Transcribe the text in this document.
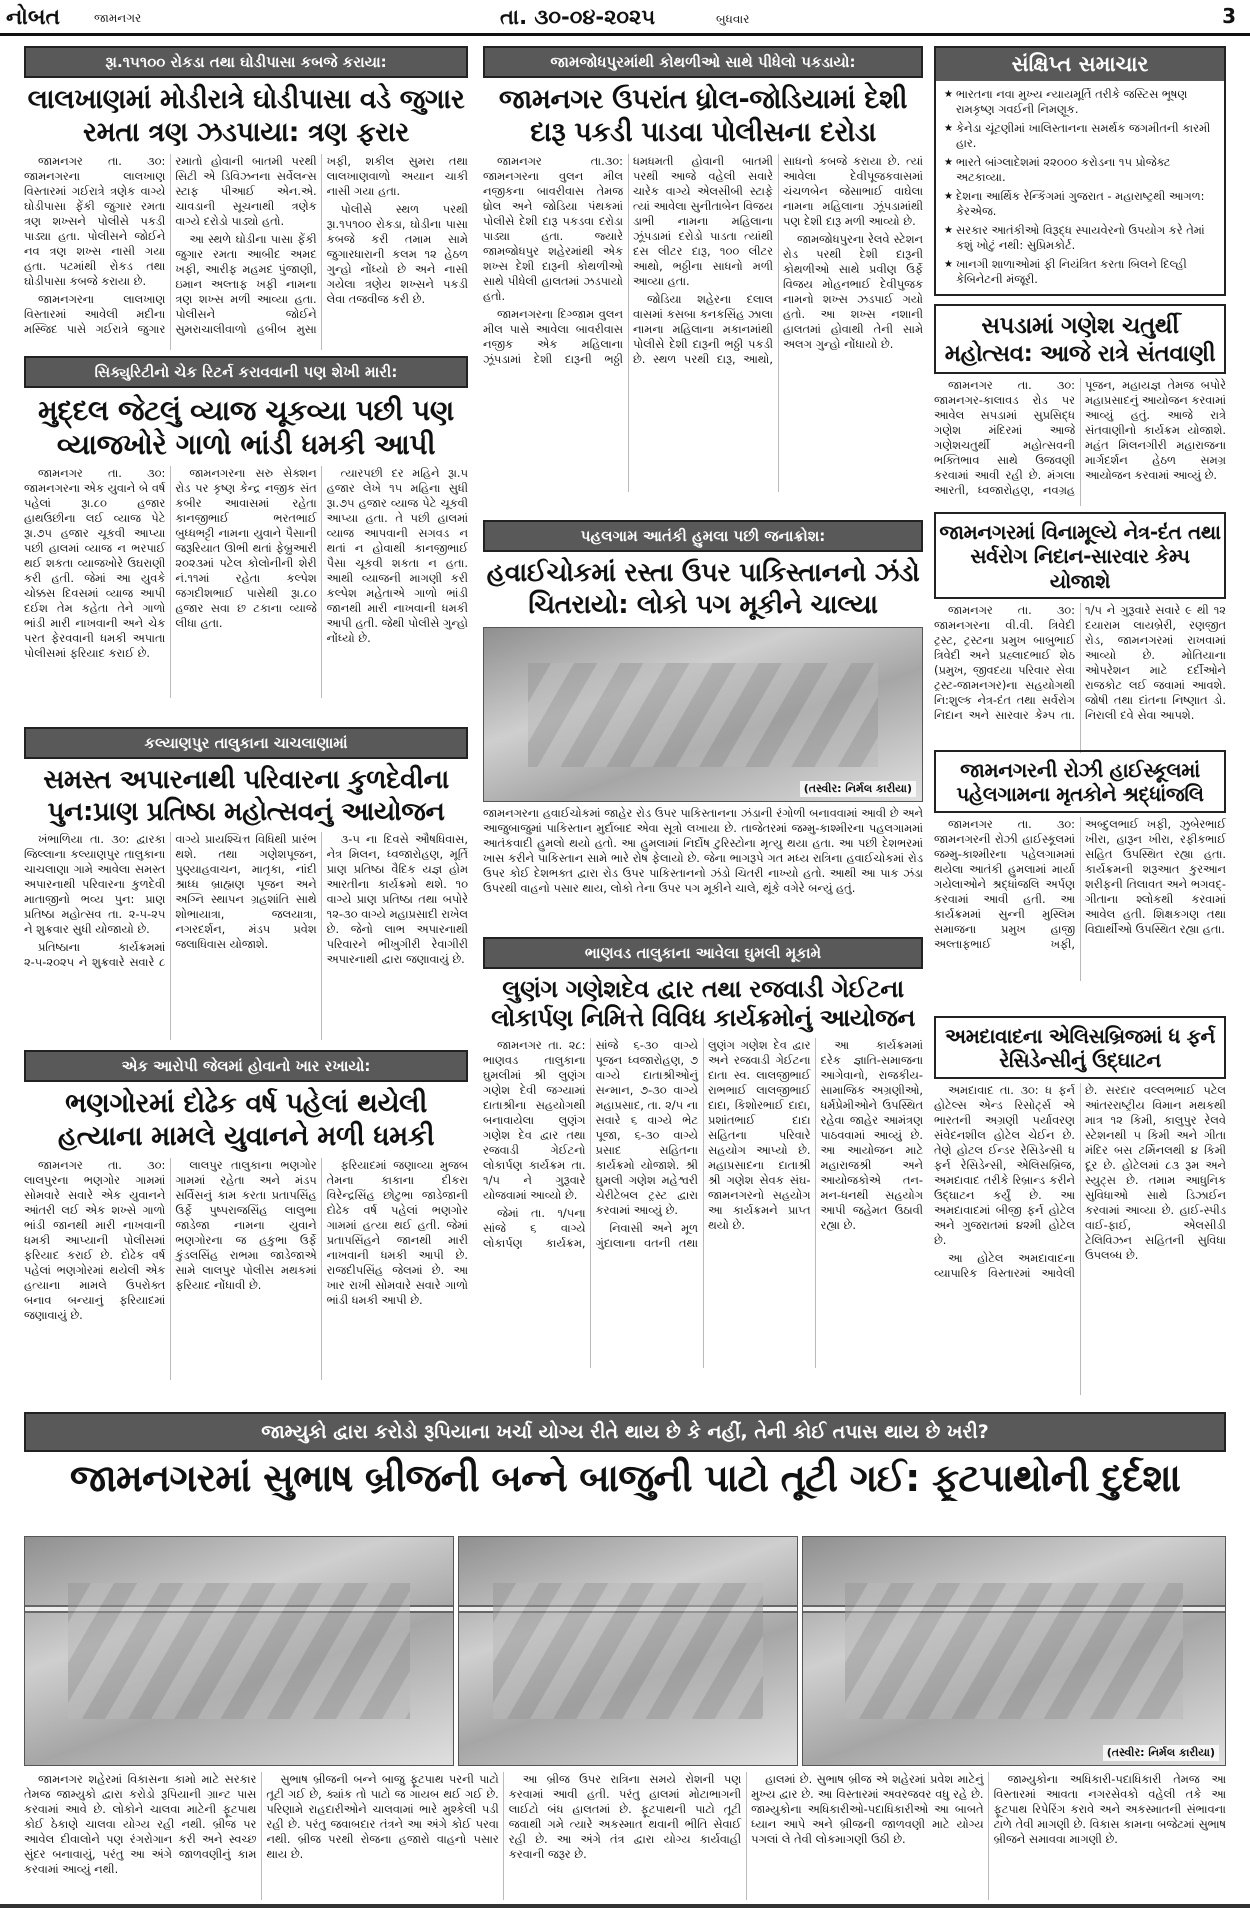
નોબત	જામનગર	તા. ૩૦-૦૪-૨૦૨૫	બુધવાર	3
રૂા.૧૫૧૦૦ રોકડા તથા ઘોડીપાસા કબજે કરાયા:
લાલખાણમાં મોડીરાત્રે ઘોડીપાસા વડે જુગાર રમતા ત્રણ ઝડપાયા: ત્રણ ફરાર

જામનગર તા. ૩૦: જામનગરના લાલખાણ વિસ્તારમાં ગઈરાત્રે ત્રણેક વાગ્યે ઘોડીપાસા ફેંકી જુગાર રમતા ત્રણ શખ્સને પોલીસે પકડી પાડ્યા હતા. પોલીસને જોઈને નવ ત્રણ શખ્સ નાસી ગયા હતા. પટમાંથી રોકડ તથા ઘોડીપાસા કબજે કરાયા છે.

જામનગરના લાલખાણ વિસ્તારમાં આવેલી મદીના મસ્જિદ પાસે ગઈરાત્રે જુગાર રમાતો હોવાની બાતમી પરથી સિટી એ ડિવિઝનના સર્વેલન્સ સ્ટાફ પીઆઈ એન.એ. ચાવડાની સૂચનાથી ત્રણેક વાગ્યે દરોડો પાડ્યો હતો.

આ સ્થળે ઘોડીના પાસા ફેંકી જુગાર રમતા આબીદ અમદ ખફી, આરીફ મહમદ પુંજાણી, ઇમાન અલ્તાફ ખફી નામના ત્રણ શખ્સ મળી આવ્યા હતા. પોલીસને જોઈને સુમરાચાલીવાળો હબીબ મુસા ખફી, શકીલ સુમરા તથા લાલખાણવાળો અયાન ચાકી નાસી ગયા હતા.

પોલીસે સ્થળ પરથી રૂા.૧૫૧૦૦ રોકડા, ઘોડીના પાસા કબજે કરી તમામ સામે જુગારધારાની કલમ ૧૨ હેઠળ ગુન્હો નોંધ્યો છે અને નાસી ગયેલા ત્રણેય શખ્સને પકડી લેવા તજવીજ કરી છે.

સિક્યુરિટીનો ચેક રિટર્ન કરાવવાની પણ શેખી મારી:
મુદ્દલ જેટલું વ્યાજ ચૂકવ્યા પછી પણ વ્યાજખોરે ગાળો ભાંડી ધમકી આપી

જામનગર તા. ૩૦: જામનગરના એક યુવાને બે વર્ષ પહેલાં રૂા.૮૦ હજાર હાથઉછીના લઈ વ્યાજ પેટે રૂા.૭૫ હજાર ચૂકવી આપ્યા પછી હાલમાં વ્યાજ ન ભરપાઈ થઈ શકતા વ્યાજખોરે ઉઘરાણી કરી હતી. જેમાં આ યુવકે ચોક્કસ દિવસમાં વ્યાજ આપી દઈશ તેમ કહેતા તેને ગાળો ભાંડી મારી નાખવાની અને ચેક પરત ફેરવવાની ધમકી અપાતા પોલીસમાં ફરિયાદ કરાઈ છે.

જામનગરના સરુ સેક્શન રોડ પર કૃષ્ણ કેન્દ્ર નજીક સંત કબીર આવાસમાં રહેતા કાનજીભાઈ ભરતભાઈ બુધ્ધભટ્ટી નામના યુવાને પૈસાની જરૂરિયાત ઊભી થતાં ફેબ્રુઆરી ૨૦૨૩માં પટેલ કોલોનીની શેરી નં.૧૧માં રહેતા કલ્પેશ જગદીશભાઈ પાસેથી રૂા.૮૦ હજાર સવા છ ટકાના વ્યાજે લીધા હતા.

ત્યારપછી દર મહિને રૂા.૫ હજાર લેખે ૧૫ મહિના સુધી રૂા.૭૫ હજાર વ્યાજ પેટે ચૂકવી આપ્યા હતા. તે પછી હાલમાં વ્યાજ આપવાની સગવડ ન થતાં ન હોવાથી કાનજીભાઈ પૈસા ચૂકવી શકતા ન હતા. આથી વ્યાજની માગણી કરી કલ્પેશ મહેતાએ ગાળો ભાંડી જાનથી મારી નાખવાની ધમકી આપી હતી. જેથી પોલીસે ગુન્હો નોંધ્યો છે.

કલ્યાણપુર તાલુકાના ચાચલાણામાં
સમસ્ત અપારનાથી પરિવારના કુળદેવીના પુન:પ્રાણ પ્રતિષ્ઠા મહોત્સવનું આયોજન

ખંભાળિયા તા. ૩૦: દ્વારકા જિલ્લાના કલ્યાણપુર તાલુકાના ચાચલાણા ગામે આવેલા સમસ્ત અપારનાથી પરિવારના કુળદેવી માતાજીનો ભવ્ય પુન: પ્રાણ પ્રતિષ્ઠા મહોત્સવ તા. ૨-૫-૨૫ ને શુક્રવાર સુધી યોજાયો છે.

પ્રતિષ્ઠાના કાર્યક્રમમાં ૨-૫-૨૦૨૫ ને શુક્રવારે સવારે ૮ વાગ્યે પ્રાયશ્ચિત્ત વિધિથી પ્રારંભ થશે. તથા ગણેશપૂજન, પુણ્યાહવાચન, માતૃકા, નાંદી શ્રાધ્ધ બ્રાહ્મણ પૂજન અને અગ્નિ સ્થાપન ગ્રહશાંતિ સાથે શોભાયાત્રા, જલયાત્રા, નગરદર્શન, મંડપ પ્રવેશ જલાધિવાસ યોજાશે.

૩-૫ ના દિવસે ઔષધિવાસ, નેત્ર મિલન, ધ્વજારોહણ, મૂર્તિ પ્રાણ પ્રતિષ્ઠા વૈદિક યજ્ઞ હોમ આરતીના કાર્યક્રમો થશે. ૧૦ વાગ્યે પ્રાણ પ્રતિષ્ઠા તથા બપોરે ૧૨-૩૦ વાગ્યે મહાપ્રસાદી રાખેલ છે. જેનો લાભ અપારનાથી પરિવારને ભીખુગીરી રેવાગીરી અપારનાથી દ્વારા જણાવાયું છે.

એક આરોપી જેલમાં હોવાનો ખાર રખાયો:
ભણગોરમાં દોઢેક વર્ષ પહેલાં થયેલી હત્યાના મામલે યુવાનને મળી ધમકી

જામનગર તા. ૩૦: લાલપુરના ભણગોર ગામમાં સોમવારે સવારે એક યુવાનને આંતરી લઈ એક શખ્સે ગાળો ભાંડી જાનથી મારી નાખવાની ધમકી આપ્યાની પોલીસમાં ફરિયાદ કરાઈ છે. દોઢેક વર્ષ પહેલાં ભણગોરમાં થયેલી એક હત્યાના મામલે ઉપરોક્ત બનાવ બન્યાનું ફરિયાદમાં જણાવાયું છે.

લાલપુર તાલુકાના ભણગોર ગામમાં રહેતા અને મંડપ સર્વિસનું કામ કરતા પ્રતાપસિંહ ઉર્ફે પુષ્પરાજસિંહ લાલુભા જાડેજા નામના યુવાને ભણગોરના જ હકુભા ઉર્ફે કુંડલસિંહ રાભમા જાડેજાએ સામે લાલપુર પોલીસ મથકમાં ફરિયાદ નોંધાવી છે.

ફરિયાદમાં જણાવ્યા મુજબ તેમના કાકાના દીકરા વિરેન્દ્રસિંહ છોટુભા જાડેજાની દોઢેક વર્ષ પહેલાં ભણગોર ગામમાં હત્યા થઈ હતી. જેમાં પ્રતાપસિંહને જાનથી મારી નાખવાની ધમકી આપી છે. રાજદીપસિંહ જેલમાં છે. આ ખાર રાખી સોમવારે સવારે ગાળો ભાંડી ધમકી આપી છે.

જામજોધપુરમાંથી કોથળીઓ સાથે પીધેલો પકડાયો:
જામનગર ઉપરાંત ધ્રોલ-જોડિયામાં દેશી દારૂ પકડી પાડવા પોલીસના દરોડા

જામનગર તા.૩૦: જામનગરના વુલન મીલ નજીકના બાવરીવાસ તેમજ ધ્રોલ અને જોડિયા પંથકમાં પોલીસે દેશી દારૂ પકડવા દરોડા પાડ્યા હતા. જ્યારે જામજોધપુર શહેરમાંથી એક શખ્સ દેશી દારૂની કોથળીઓ સાથે પીધેલી હાલતમાં ઝડપાયો હતો.

જામનગરના દિગ્જામ વુલન મીલ પાસે આવેલા બાવરીવાસ નજીક એક મહિલાના ઝૂંપડામાં દેશી દારૂની ભઠ્ઠી ધમધમતી હોવાની બાતમી પરથી આજે વહેલી સવારે ચારેક વાગ્યે એલસીબી સ્ટાફે ત્યાં આવેલા સુનીતાબેન વિજય ડાભી નામના મહિલાના ઝૂંપડામાં દરોડો પાડતા ત્યાંથી દસ લીટર દારૂ, ૧૦૦ લીટર આથો, ભઠ્ઠીના સાધનો મળી આવ્યા હતા.

જોડિયા શહેરના દલાલ વાસમાં કસબા કનકસિંહ ઝાલા નામના મહિલાના મકાનમાંથી પોલીસે દેશી દારૂની ભઠ્ઠી પકડી છે. સ્થળ પરથી દારૂ, આથો, સાધનો કબજે કરાયા છે. ત્યાં આવેલા દેવીપૂજકવાસમાં ચંચળબેન જેસાભાઈ વાઘેલા નામના મહિલાના ઝૂંપડામાંથી પણ દેશી દારૂ મળી આવ્યો છે.

જામજોધપુરના રેલવે સ્ટેશન રોડ પરથી દેશી દારૂની કોથળીઓ સાથે પ્રવીણ ઉર્ફે વિજય મોહનભાઈ દેવીપુજક નામનો શખ્સ ઝડપાઈ ગયો હતો. આ શખ્સ નશાની હાલતમાં હોવાથી તેની સામે અલગ ગુન્હો નોંધાયો છે.

પહલગામ આતંકી હુમલા પછી જનાક્રોશ:
હવાઈચોકમાં રસ્તા ઉપર પાકિસ્તાનનો ઝંડો ચિતરાયો: લોકો પગ મૂકીને ચાલ્યા
(તસ્વીર: નિર્મલ કારીયા)
જામનગરના હવાઈચોકમાં જાહેર રોડ ઉપર પાકિસ્તાનના ઝંડાની રંગોળી બનાવવામાં આવી છે અને આજુબાજુમાં પાકિસ્તાન મુર્દાબાદ એવા સૂત્રો લખાયા છે. તાજેતરમાં જમ્મુ-કાશ્મીરના પહલગામમાં આતંકવાદી હુમલો થયો હતો. આ હુમલામાં નિર્દોષ ટુરિસ્ટોના મૃત્યુ થયા હતા. આ પછી દેશભરમાં ખાસ કરીને પાકિસ્તાન સામે ભારે રોષ ફેલાયો છે. જેના ભાગરૂપે ગત મધ્ય રાત્રિના હવાઈચોકમાં રોડ ઉપર કોઈ દેશભક્ત દ્વારા રોડ ઉપર પાકિસ્તાનનો ઝંડો ચિતરી નાખ્યો હતો. આથી આ પાક ઝંડા ઉપરથી વાહનો પસાર થાય, લોકો તેના ઉપર પગ મૂકીને ચાલે, થૂંકે વગેરે બન્યું હતું.
ભાણવડ તાલુકાના આવેલા ઘુમલી મૂકામે
લુણંગ ગણેશદેવ દ્વાર તથા રજવાડી ગેઈટના લોકાર્પણ નિમિત્તે વિવિધ કાર્યક્રમોનું આયોજન

જામનગર તા. ૨૮: ભાણવડ તાલુકાના ઘુમલીમાં શ્રી લુણંગ ગણેશ દેવી જગ્યામાં દાતાશ્રીના સહયોગથી બનાવાયેલા લુણંગ ગણેશ દેવ દ્વાર તથા રજવાડી ગેઈટનો લોકાર્પણ કાર્યક્રમ તા. ૧/૫ ને ગુરૂવારે યોજવામાં આવ્યો છે.

જેમાં તા. ૧/૫ના સાંજે ૬ વાગ્યે લોકાર્પણ કાર્યક્રમ, સાંજે ૬-૩૦ વાગ્યે પૂજન ધ્વજારોહણ, ૭ વાગ્યે દાતાશ્રીઓનું સન્માન, ૭-૩૦ વાગ્યે મહાપ્રસાદ, તા. ૨/૫ ના સવારે ૬ વાગ્યે ભેટ પૂજા, ૬-૩૦ વાગ્યે પ્રસાદ સહિતના કાર્યક્રમો યોજાશે. શ્રી ઘુમલી ગણેશ મહેશ્વરી ચેરીટેબલ ટ્રસ્ટ દ્વારા કરવામાં આવ્યું છે.

નિવાસી અને મૂળ ગુંદાલાના વતની તથા લુણંગ ગણેશ દેવ દ્વાર અને રજવાડી ગેઈટના દાતા સ્વ. લાલજીભાઈ રાભભાઈ લાલજીભાઈ દાદા, કિશોરભાઈ દાદા, પ્રશાંતભાઈ દાદા સહિતના પરિવારે સહયોગ આપ્યો છે. મહાપ્રસાદના દાતાશ્રી શ્રી ગણેશ સેવક સંઘ-જામનગરનો સહયોગ આ કાર્યક્રમને પ્રાપ્ત થયો છે.

આ કાર્યક્રમમાં દરેક જ્ઞાતિ-સમાજના આગેવાનો, રાજકીય-સામાજિક અગ્રણીઓ, ધર્મપ્રેમીઓને ઉપસ્થિત રહેવા જાહેર આમંત્રણ પાઠવવામાં આવ્યું છે. આ આયોજન માટે મહારાજશ્રી અને આયોજકોએ તન-મન-ધનથી સહયોગ આપી જહેમત ઉઠાવી રહ્યા છે.

સંક્ષિપ્ત સમાચાર
★ ભારતના નવા મુખ્ય ન્યાયમૂર્તિ તરીકે જસ્ટિસ ભૂષણ રામકૃષ્ણ ગવઈની નિમણૂક.
★ કેનેડા ચૂંટણીમાં ખાલિસ્તાનના સમર્થક જગમીતની કારમી હાર.
★ ભારતે બાંગ્લાદેશમાં ૨૨૦૦૦ કરોડના ૧૫ પ્રોજેક્ટ અટકાવ્યા.
★ દેશના આર્થિક રેન્કિંગમાં ગુજરાત - મહારાષ્ટ્રથી આગળ: કેરએજ.
★ સરકાર આતંકીઓ વિરૂદ્ધ સ્પાયવેરનો ઉપયોગ કરે તેમાં કશું ખોટું નથી: સુપ્રિમકોર્ટ.
★ ખાનગી શાળાઓમાં ફી નિયંત્રિત કરતા બિલને દિલ્હી કેબિનેટની મંજૂરી.
સપડામાં ગણેશ ચતુર્થી મહોત્સવ: આજે રાત્રે સંતવાણી

જામનગર તા. ૩૦: જામનગર-કાલાવડ રોડ પર આવેલ સપડામાં સુપ્રસિદ્ધ ગણેશ મંદિરમાં આજે ગણેશચતુર્થી મહોત્સવની ભક્તિભાવ સાથે ઉજવણી કરવામાં આવી રહી છે. મંગલા આરતી, ધ્વજારોહણ, નવગ્રહ પૂજન, મહાયજ્ઞ તેમજ બપોરે મહાપ્રસાદનું આયોજન કરવામાં આવ્યું હતું. આજે રાત્રે સંતવાણીનો કાર્યક્રમ યોજાશે. મહંત મિલનગીરી મહારાજના માર્ગદર્શન હેઠળ સમગ્ર આયોજન કરવામાં આવ્યું છે.

જામનગરમાં વિનામૂલ્યે નેત્ર-દંત તથા સર્વરોગ નિદાન-સારવાર કેમ્પ યોજાશે

જામનગર તા. ૩૦: જામનગરના વી.વી. ત્રિવેદી ટ્રસ્ટ, ટ્રસ્ટના પ્રમુખ બાબુભાઈ ત્રિવેદી અને પ્રહ્લાદભાઈ શેઠ (પ્રમુખ, જીવદયા પરિવાર સેવા ટ્રસ્ટ-જામનગર)ના સહયોગથી નિ:શુલ્ક નેત્ર-દંત તથા સર્વરોગ નિદાન અને સારવાર કેમ્પ તા. ૧/૫ ને ગુરૂવારે સવારે ૯ થી ૧૨ દયારામ લાયબ્રેરી, રણજીત રોડ, જામનગરમાં રાખવામાં આવ્યો છે. મોતિયાના ઓપરેશન માટે દર્દીઓને રાજકોટ લઈ જવામાં આવશે. જોષી તથા દાંતના નિષ્ણાત ડો. નિરાલી દવે સેવા આપશે.

જામનગરની રોઝી હાઈસ્કૂલમાં પહેલગામના મૃતકોને શ્રદ્ધાંજલિ

જામનગર તા. ૩૦: જામનગરની રોઝી હાઈસ્કૂલમાં જમ્મુ-કાશ્મીરના પહેલગામમાં થયેલા આતંકી હુમલામાં માર્યા ગયેલાઓને શ્રદ્ધાંજલિ અર્પણ કરવામાં આવી હતી. આ કાર્યક્રમમાં સુન્ની મુસ્લિમ સમાજના પ્રમુખ હાજી અલ્તાફભાઈ ખફી, અબ્દુલભાઈ ખફી, ઝુબેરભાઈ ખીરા, હારૂન ખીરા, રફીકભાઈ સહિત ઉપસ્થિત રહ્યા હતા. કાર્યક્રમની શરૂઆત કુરઆન શરીફની તિલાવત અને ભગવદ્-ગીતાના શ્લોકથી કરવામાં આવેલ હતી. શિક્ષકગણ તથા વિદ્યાર્થીઓ ઉપસ્થિત રહ્યા હતા.

અમદાવાદના એલિસબ્રિજમાં ધ ફર્ન રેસિડેન્સીનું ઉદ્ઘાટન

અમદાવાદ તા. ૩૦: ધ ફર્ન હોટેલ્સ એન્ડ રિસોર્ટ્સ એ ભારતની અગ્રણી પર્યાવરણ સંવેદનશીલ હોટેલ ચેઈન છે. તેણે હોટલ ઈન્ડર રેસિડેન્સી ધ ફર્ન રેસિડેન્સી, એલિસબ્રિજ, અમદાવાદ તરીકે રિબ્રાન્ડ કરીને ઉદ્ઘાટન કર્યું છે. આ અમદાવાદમાં બીજી ફર્ન હોટેલ અને ગુજરાતમાં ૪૨મી હોટેલ છે.

આ હોટેલ અમદાવાદના વ્યાપારિક વિસ્તારમાં આવેલી છે. સરદાર વલ્લભભાઈ પટેલ આંતરરાષ્ટ્રીય વિમાન મથકથી માત્ર ૧૨ કિમી, કાલુપુર રેલવે સ્ટેશનથી ૫ કિમી અને ગીતા મંદિર બસ ટર્મિનલથી ૪ કિમી દૂર છે. હોટેલમાં ૮૩ રૂમ અને સ્યુટ્સ છે. તમામ આધુનિક સુવિધાઓ સાથે ડિઝાઈન કરવામાં આવ્યા છે. હાઈ-સ્પીડ વાઈ-ફાઈ, એલસીડી ટેલિવિઝન સહિતની સુવિધા ઉપલબ્ધ છે.

જામ્યુકો દ્વારા કરોડો રૂપિયાના ખર્ચા યોગ્ય રીતે થાય છે કે નહીં, તેની કોઈ તપાસ થાય છે ખરી?
જામનગરમાં સુભાષ બ્રીજની બન્ને બાજુની પાટો તૂટી ગઈ: ફૂટપાથોની દુર્દશા
(તસ્વીર: નિર્મલ કારીયા)

જામનગર શહેરમાં વિકાસના કામો માટે સરકાર તેમજ જામ્યુકો દ્વારા કરોડો રૂપિયાની ગ્રાન્ટ પાસ કરવામાં આવે છે. લોકોને ચાલવા માટેની ફૂટપાથ કોઈ ઠેકાણે ચાલવા યોગ્ય રહી નથી. બ્રીજ પર આવેલ દીવાલોને પણ રંગરોગાન કરી અને સ્વચ્છ સુંદર બનાવાયું, પરંતુ આ અંગે જાળવણીનું કામ કરવામાં આવ્યું નથી.

સુભાષ બ્રીજની બન્ને બાજુ ફૂટપાથ પરની પાટો તૂટી ગઈ છે, ક્યાંક તો પાટો જ ગાયબ થઈ ગઈ છે. પરિણામે રાહદારીઓને ચાલવામાં ભારે મુશ્કેલી પડી રહી છે. પરંતુ જવાબદાર તંત્રને આ અંગે કોઈ પરવા નથી. બ્રીજ પરથી રોજના હજારો વાહનો પસાર થાય છે.

આ બ્રીજ ઉપર રાત્રિના સમયે રોશની પણ કરવામાં આવી હતી. પરંતુ હાલમાં મોટાભાગની લાઈટો બંધ હાલતમાં છે. ફૂટપાથની પાટો તૂટી જવાથી ગમે ત્યારે અકસ્માત થવાની ભીતિ સેવાઈ રહી છે. આ અંગે તંત્ર દ્વારા યોગ્ય કાર્યવાહી કરવાની જરૂર છે.

હાલમાં છે. સુભાષ બ્રીજ એ શહેરમાં પ્રવેશ માટેનું મુખ્ય દ્વાર છે. આ વિસ્તારમાં અવરજવર વધુ રહે છે. જામ્યુકોના અધિકારીઓ-પદાધિકારીઓ આ બાબતે ધ્યાન આપે અને બ્રીજની જાળવણી માટે યોગ્ય પગલાં લે તેવી લોકમાગણી ઉઠી છે.

જામ્યુકોના અધિકારી-પદાધિકારી તેમજ આ વિસ્તારમાં આવતા નગરસેવકો વહેલી તકે આ ફૂટપાથ રિપેરિંગ કરાવે અને અકસ્માતની સંભાવના ટાળે તેવી માગણી છે. વિકાસ કામના બજેટમાં સુભાષ બ્રીજને સમાવવા માગણી છે.
